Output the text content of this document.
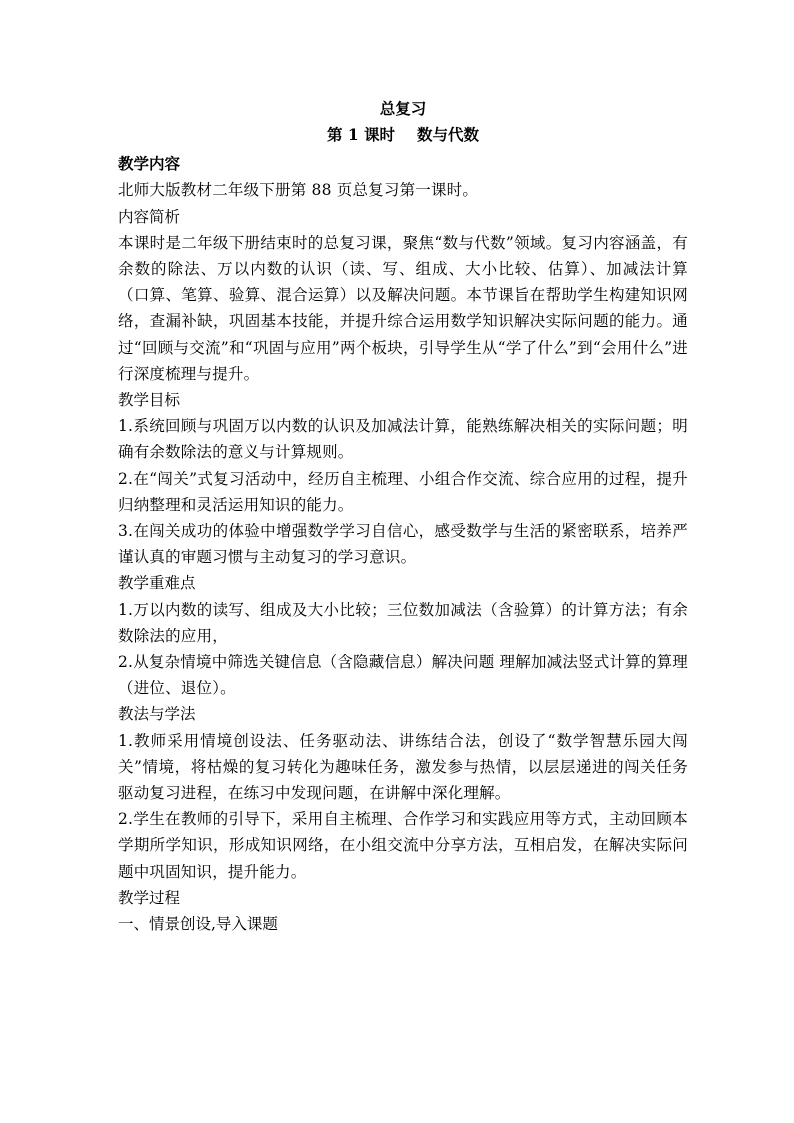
总复习

第 1 课时 数与代数

教学内容

北师大版教材二年级下册第 88 页总复习第一课时。

内容简析

本课时是二年级下册结束时的总复习课，聚焦“数与代数”领域。复习内容涵盖，有余数的除法、万以内数的认识（读、写、组成、大小比较、估算）、加减法计算（口算、笔算、验算、混合运算）以及解决问题。本节课旨在帮助学生构建知识网络，查漏补缺，巩固基本技能，并提升综合运用数学知识解决实际问题的能力。通过“回顾与交流”和“巩固与应用”两个板块，引导学生从“学了什么”到“会用什么”进行深度梳理与提升。

教学目标

1.系统回顾与巩固万以内数的认识及加减法计算，能熟练解决相关的实际问题；明确有余数除法的意义与计算规则。

2.在“闯关”式复习活动中，经历自主梳理、小组合作交流、综合应用的过程，提升归纳整理和灵活运用知识的能力。

3.在闯关成功的体验中增强数学学习自信心，感受数学与生活的紧密联系，培养严谨认真的审题习惯与主动复习的学习意识。

教学重难点

1.万以内数的读写、组成及大小比较；三位数加减法（含验算）的计算方法；有余数除法的应用，

2.从复杂情境中筛选关键信息（含隐藏信息）解决问题 理解加减法竖式计算的算理（进位、退位）。

教法与学法

1.教师采用情境创设法、任务驱动法、讲练结合法，创设了“数学智慧乐园大闯关”情境，将枯燥的复习转化为趣味任务，激发参与热情，以层层递进的闯关任务驱动复习进程，在练习中发现问题，在讲解中深化理解。

2.学生在教师的引导下，采用自主梳理、合作学习和实践应用等方式，主动回顾本学期所学知识，形成知识网络，在小组交流中分享方法，互相启发，在解决实际问题中巩固知识，提升能力。

教学过程

一、情景创设,导入课题
